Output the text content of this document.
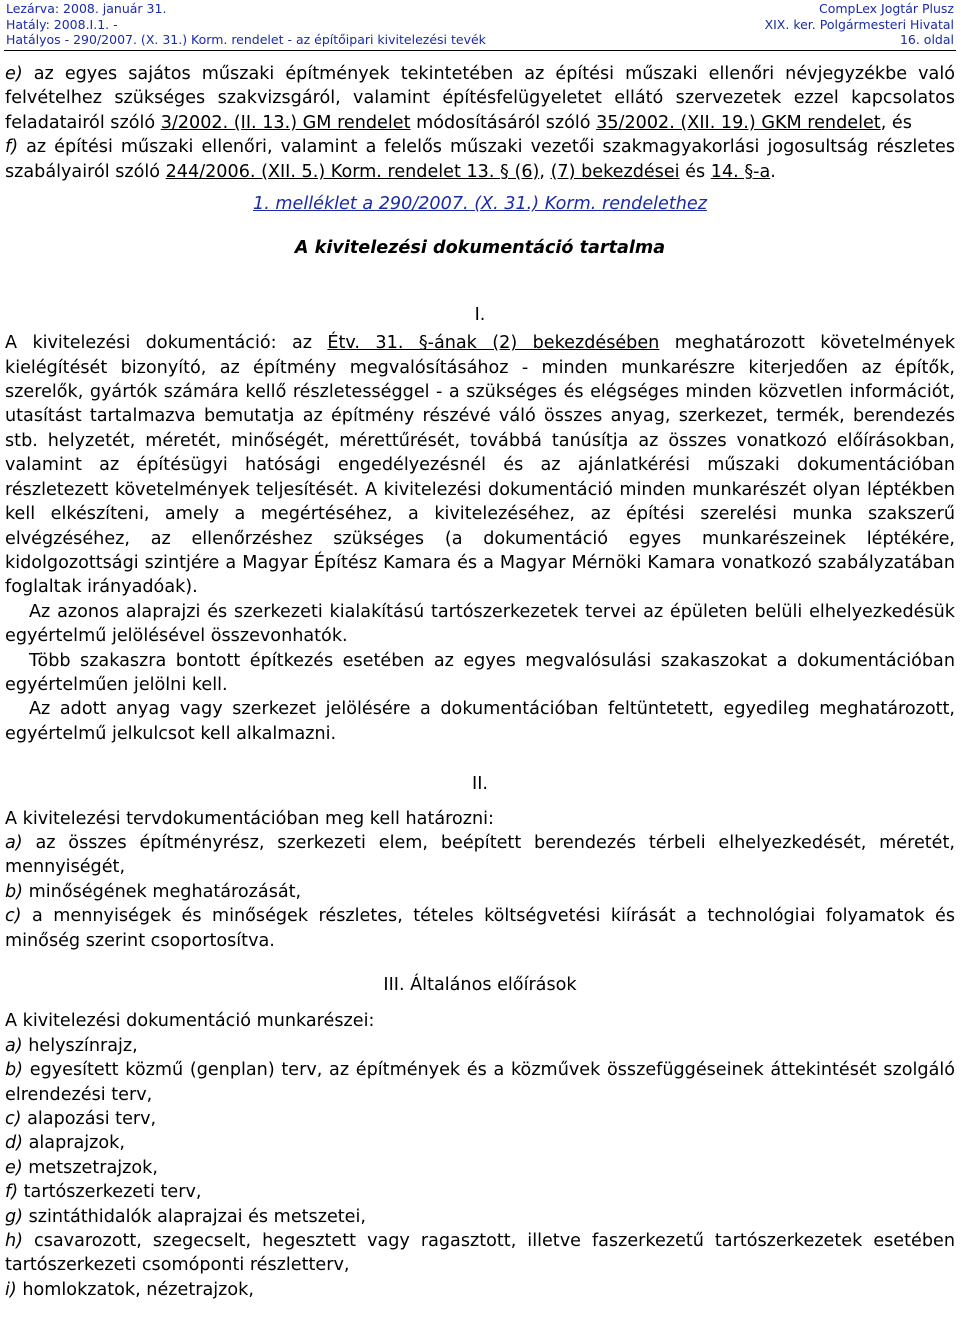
Lezárva: 2008. január 31.
Hatály: 2008.I.1. -
Hatályos - 290/2007. (X. 31.) Korm. rendelet - az építőipari kivitelezési tevék
CompLex Jogtár Plusz
XIX. ker. Polgármesteri Hivatal
16. oldal

e) az egyes sajátos műszaki építmények tekintetében az építési műszaki ellenőri névjegyzékbe való felvételhez szükséges szakvizsgáról, valamint építésfelügyeletet ellátó szervezetek ezzel kapcsolatos feladatairól szóló 3/2002. (II. 13.) GM rendelet módosításáról szóló 35/2002. (XII. 19.) GKM rendelet, és

f) az építési műszaki ellenőri, valamint a felelős műszaki vezetői szakmagyakorlási jogosultság részletes szabályairól szóló 244/2006. (XII. 5.) Korm. rendelet 13. § (6), (7) bekezdései és 14. §-a.

1. melléklet a 290/2007. (X. 31.) Korm. rendelethez

A kivitelezési dokumentáció tartalma

I.

A kivitelezési dokumentáció: az Étv. 31. §-ának (2) bekezdésében meghatározott követelmények kielégítését bizonyító, az építmény megvalósításához - minden munkarészre kiterjedően az építők, szerelők, gyártók számára kellő részletességgel - a szükséges és elégséges minden közvetlen információt, utasítást tartalmazva bemutatja az építmény részévé váló összes anyag, szerkezet, termék, berendezés stb. helyzetét, méretét, minőségét, mérettűrését, továbbá tanúsítja az összes vonatkozó előírásokban, valamint az építésügyi hatósági engedélyezésnél és az ajánlatkérési műszaki dokumentációban részletezett követelmények teljesítését. A kivitelezési dokumentáció minden munkarészét olyan léptékben kell elkészíteni, amely a megértéséhez, a kivitelezéséhez, az építési szerelési munka szakszerű elvégzéséhez, az ellenőrzéshez szükséges (a dokumentáció egyes munkarészeinek léptékére, kidolgozottsági szintjére a Magyar Építész Kamara és a Magyar Mérnöki Kamara vonatkozó szabályzatában foglaltak irányadóak).

Az azonos alaprajzi és szerkezeti kialakítású tartószerkezetek tervei az épületen belüli elhelyezkedésük egyértelmű jelölésével összevonhatók.

Több szakaszra bontott építkezés esetében az egyes megvalósulási szakaszokat a dokumentációban egyértelműen jelölni kell.

Az adott anyag vagy szerkezet jelölésére a dokumentációban feltüntetett, egyedileg meghatározott, egyértelmű jelkulcsot kell alkalmazni.

II.

A kivitelezési tervdokumentációban meg kell határozni:

a) az összes építményrész, szerkezeti elem, beépített berendezés térbeli elhelyezkedését, méretét, mennyiségét,

b) minőségének meghatározását,

c) a mennyiségek és minőségek részletes, tételes költségvetési kiírását a technológiai folyamatok és minőség szerint csoportosítva.

III. Általános előírások

A kivitelezési dokumentáció munkarészei:

a) helyszínrajz,

b) egyesített közmű (genplan) terv, az építmények és a közművek összefüggéseinek áttekintését szolgáló elrendezési terv,

c) alapozási terv,

d) alaprajzok,

e) metszetrajzok,

f) tartószerkezeti terv,

g) szintáthidalók alaprajzai és metszetei,

h) csavarozott, szegecselt, hegesztett vagy ragasztott, illetve faszerkezetű tartószerkezetek esetében tartószerkezeti csomóponti részletterv,

i) homlokzatok, nézetrajzok,
